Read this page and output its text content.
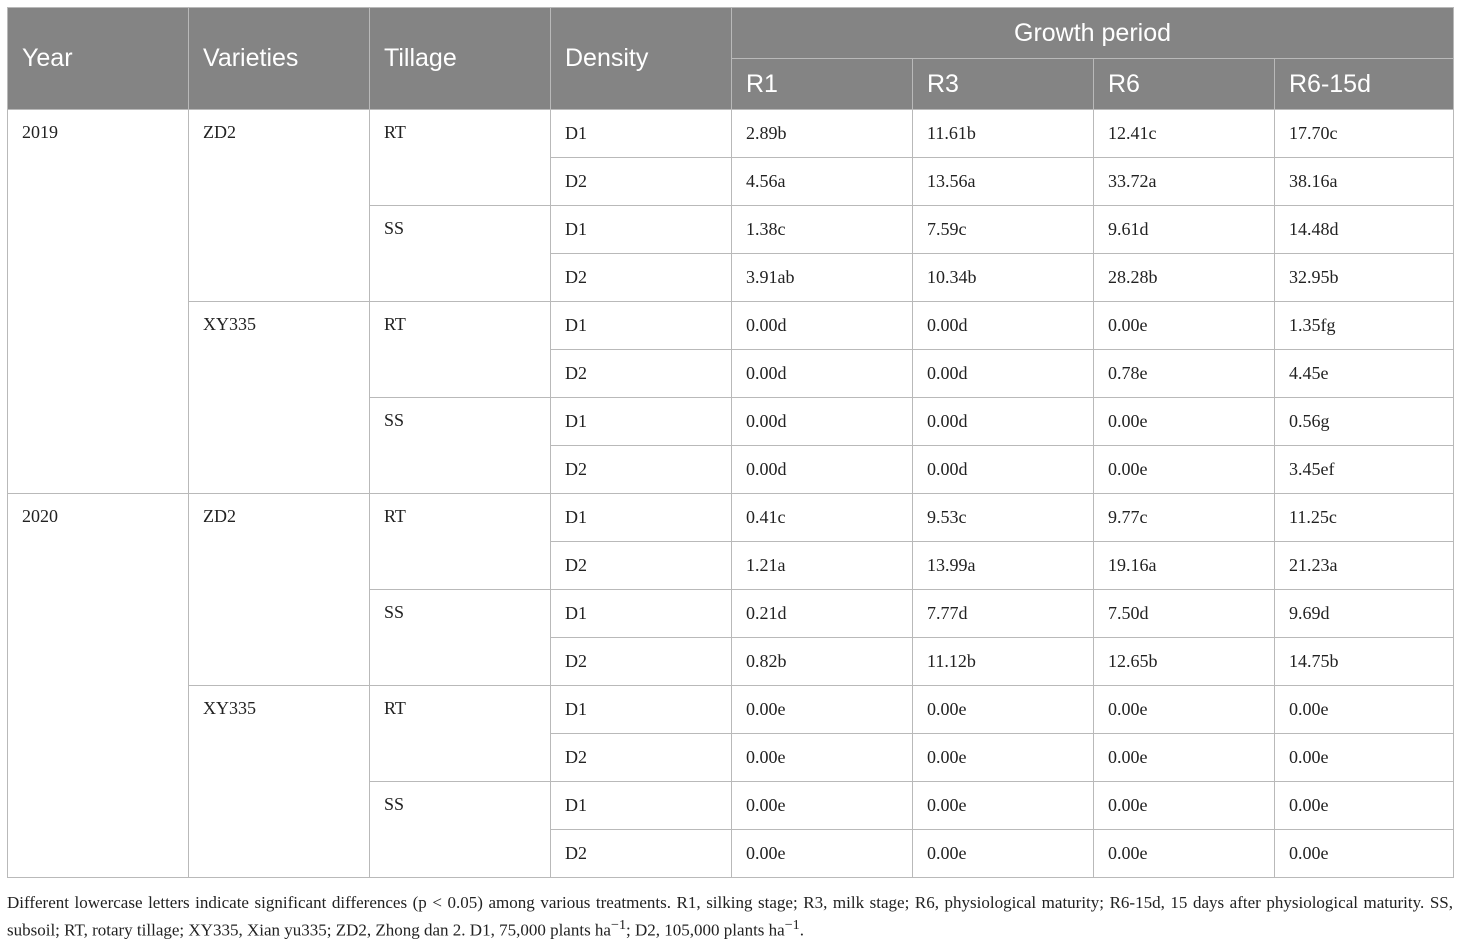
Year	Varieties	Tillage	Density	Growth period			
				R1	R3	R6	R6-15d
2019	ZD2	RT	D1	2.89b	11.61b	12.41c	17.70c
			D2	4.56a	13.56a	33.72a	38.16a
		SS	D1	1.38c	7.59c	9.61d	14.48d
			D2	3.91ab	10.34b	28.28b	32.95b
	XY335	RT	D1	0.00d	0.00d	0.00e	1.35fg
			D2	0.00d	0.00d	0.78e	4.45e
		SS	D1	0.00d	0.00d	0.00e	0.56g
			D2	0.00d	0.00d	0.00e	3.45ef
2020	ZD2	RT	D1	0.41c	9.53c	9.77c	11.25c
			D2	1.21a	13.99a	19.16a	21.23a
		SS	D1	0.21d	7.77d	7.50d	9.69d
			D2	0.82b	11.12b	12.65b	14.75b
	XY335	RT	D1	0.00e	0.00e	0.00e	0.00e
			D2	0.00e	0.00e	0.00e	0.00e
		SS	D1	0.00e	0.00e	0.00e	0.00e
			D2	0.00e	0.00e	0.00e	0.00e
Different lowercase letters indicate significant differences (p < 0.05) among various treatments. R1, silking stage; R3, milk stage; R6, physiological maturity; R6-15d, 15 days after physiological maturity. SS, subsoil; RT, rotary tillage; XY335, Xian yu335; ZD2, Zhong dan 2. D1, 75,000 plants $ha^{-1}$; D2, 105,000 plants $ha^{-1}$.
